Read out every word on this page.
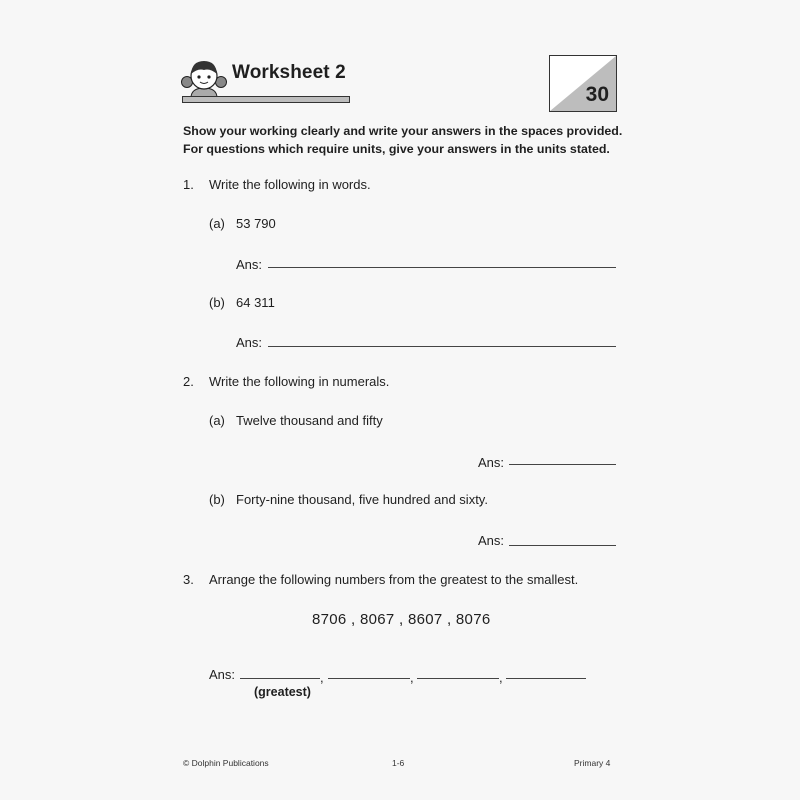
Worksheet 2
30
Show your working clearly and write your answers in the spaces provided.
For questions which require units, give your answers in the units stated.
1. Write the following in words.
(a) 53 790
Ans:
(b) 64 311
Ans:
2. Write the following in numerals.
(a) Twelve thousand and fifty
Ans:
(b) Forty-nine thousand, five hundred and sixty.
Ans:
3. Arrange the following numbers from the greatest to the smallest.
8706 , 8067 , 8607 , 8076
Ans:	,	,	,
(greatest)
© Dolphin Publications	1-6	Primary 4
